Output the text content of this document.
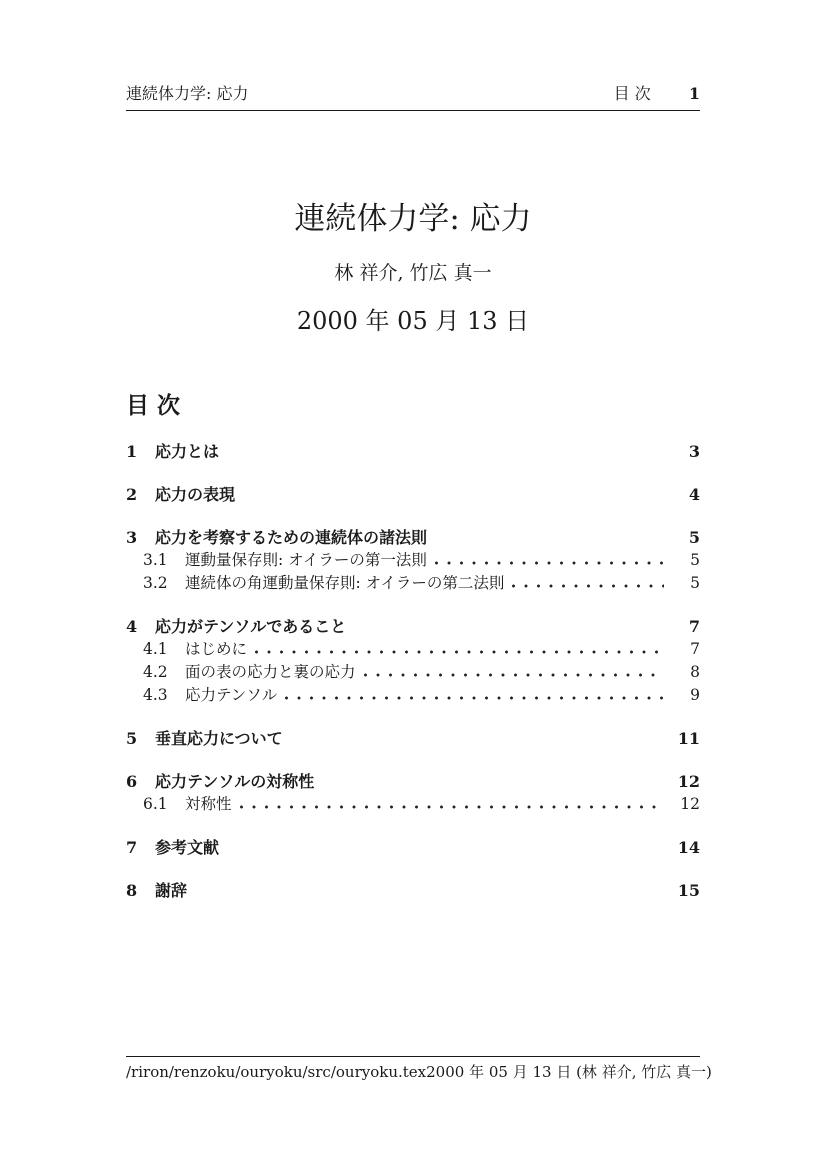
連続体力学: 応力	目 次 1
連続体力学: 応力
林 祥介, 竹広 真一
2000 年 05 月 13 日
目 次
1	応力とは	3
2	応力の表現	4
3	応力を考察するための連続体の諸法則	5
3.1	運動量保存則: オイラーの第一法則	5
3.2	連続体の角運動量保存則: オイラーの第二法則	5
4	応力がテンソルであること	7
4.1	はじめに	7
4.2	面の表の応力と裏の応力	8
4.3	応力テンソル	9
5	垂直応力について	11
6	応力テンソルの対称性	12
6.1	対称性	12
7	参考文献	14
8	謝辞	15
/riron/renzoku/ouryoku/src/ouryoku.tex 2000 年 05 月 13 日 (林 祥介, 竹広 真一)
